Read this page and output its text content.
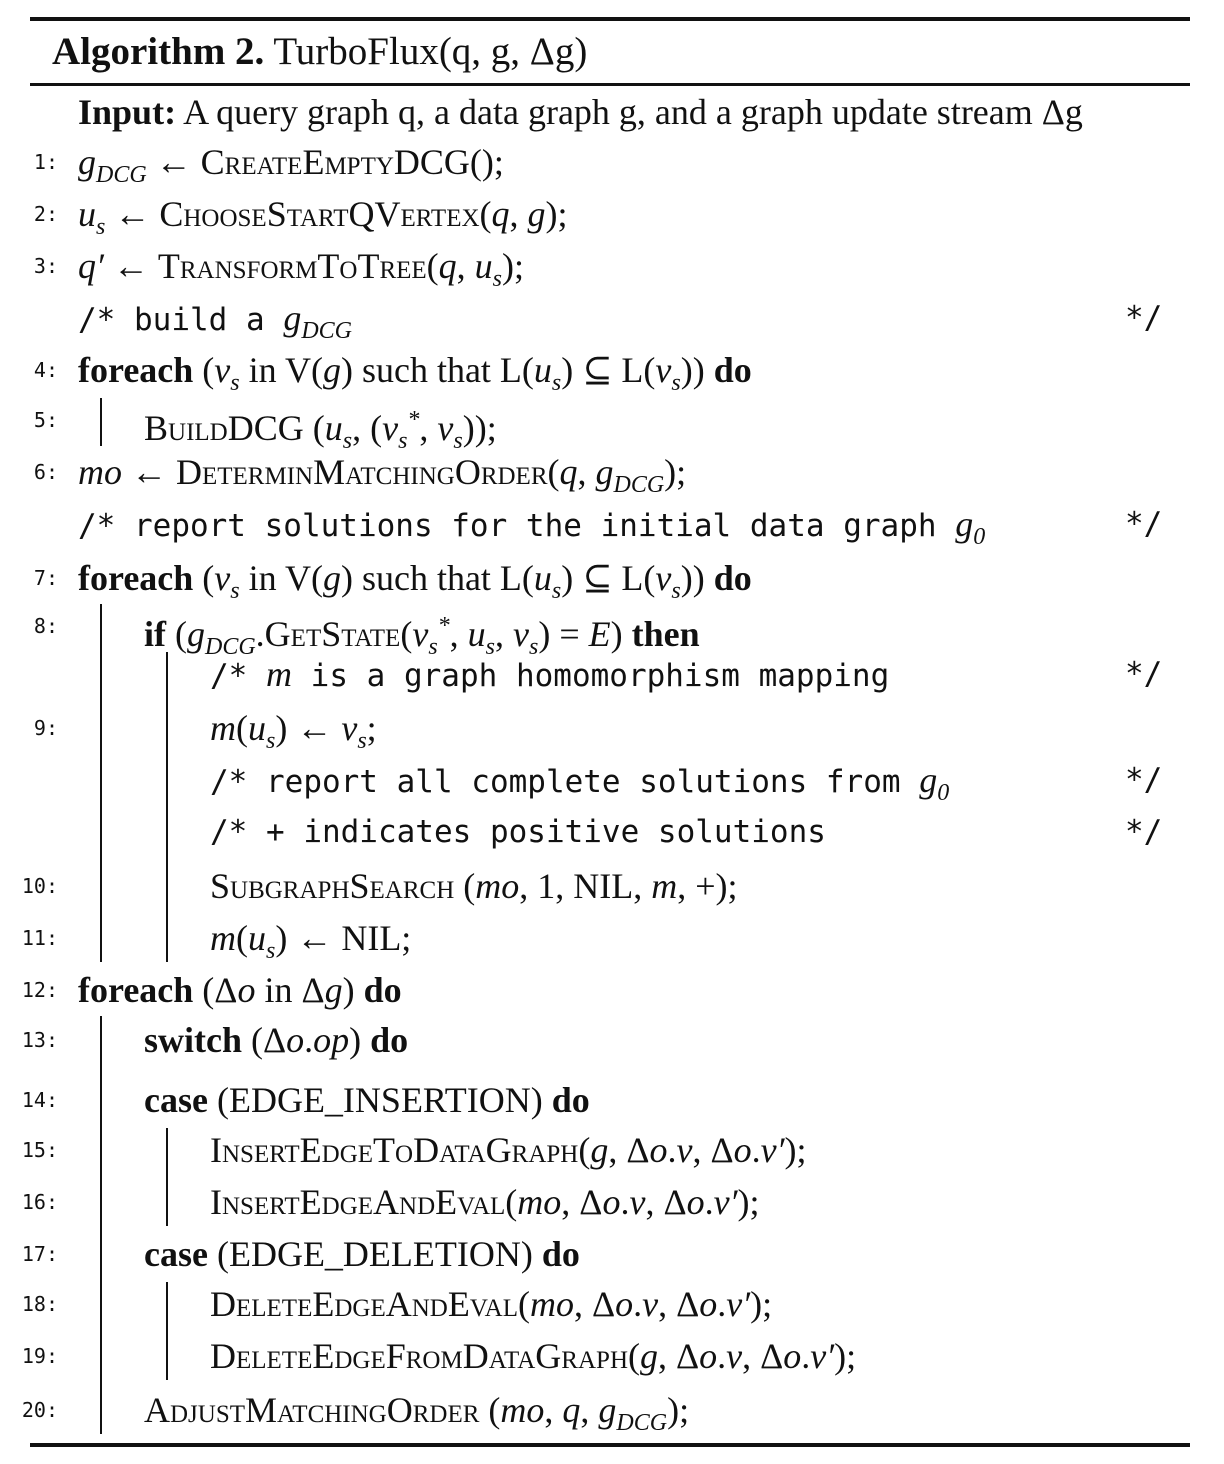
Algorithm 2. TurboFlux(q, g, Δg)
Input: A query graph q, a data graph g, and a graph update stream Δg
1: $g_{DCG}$ ← CreateEmptyDCG();
2: $u_s$ ← ChooseStartQVertex(q, g);
3: q′ ← TransformToTree(q, $u_s$);
/* build a $g_{DCG}$	*/
4: foreach ($v_s$ in V(g) such that $L(u_s)$ ⊆ $L(v_s)$) do
5: BuildDCG ($u_s$, ($v_s^*$, $v_s$));
6: mo ← DeterminMatchingOrder(q, $g_{DCG}$);
/* report solutions for the initial data graph $g_0$	*/
7: foreach ($v_s$ in V(g) such that $L(u_s)$ ⊆ $L(v_s)$) do
8: if ($g_{DCG}.GetState(v_s^*$, $u_s$, $v_s) = E$) then
/* m is a graph homomorphism mapping	*/
9:	$m(u_s)$ ← $v_s$;
/* report all complete solutions from $g_0$	*/
/* + indicates positive solutions	*/
10:	SubgraphSearch (mo, 1, NIL, m, +);
11:	$m(u_s)$ ← NIL;
12: foreach (Δo in Δg) do
13: switch (Δo.op) do
14: case (EDGE_INSERTION) do
15:	InsertEdgeToDataGraph(g, Δo.v, Δo.v′);
16:	InsertEdgeAndEval(mo, Δo.v, Δo.v′);
17: case (EDGE_DELETION) do
18:	DeleteEdgeAndEval(mo, Δo.v, Δo.v′);
19:	DeleteEdgeFromDataGraph(g, Δo.v, Δo.v′);
20: AdjustMatchingOrder (mo, q, $g_{DCG}$);
